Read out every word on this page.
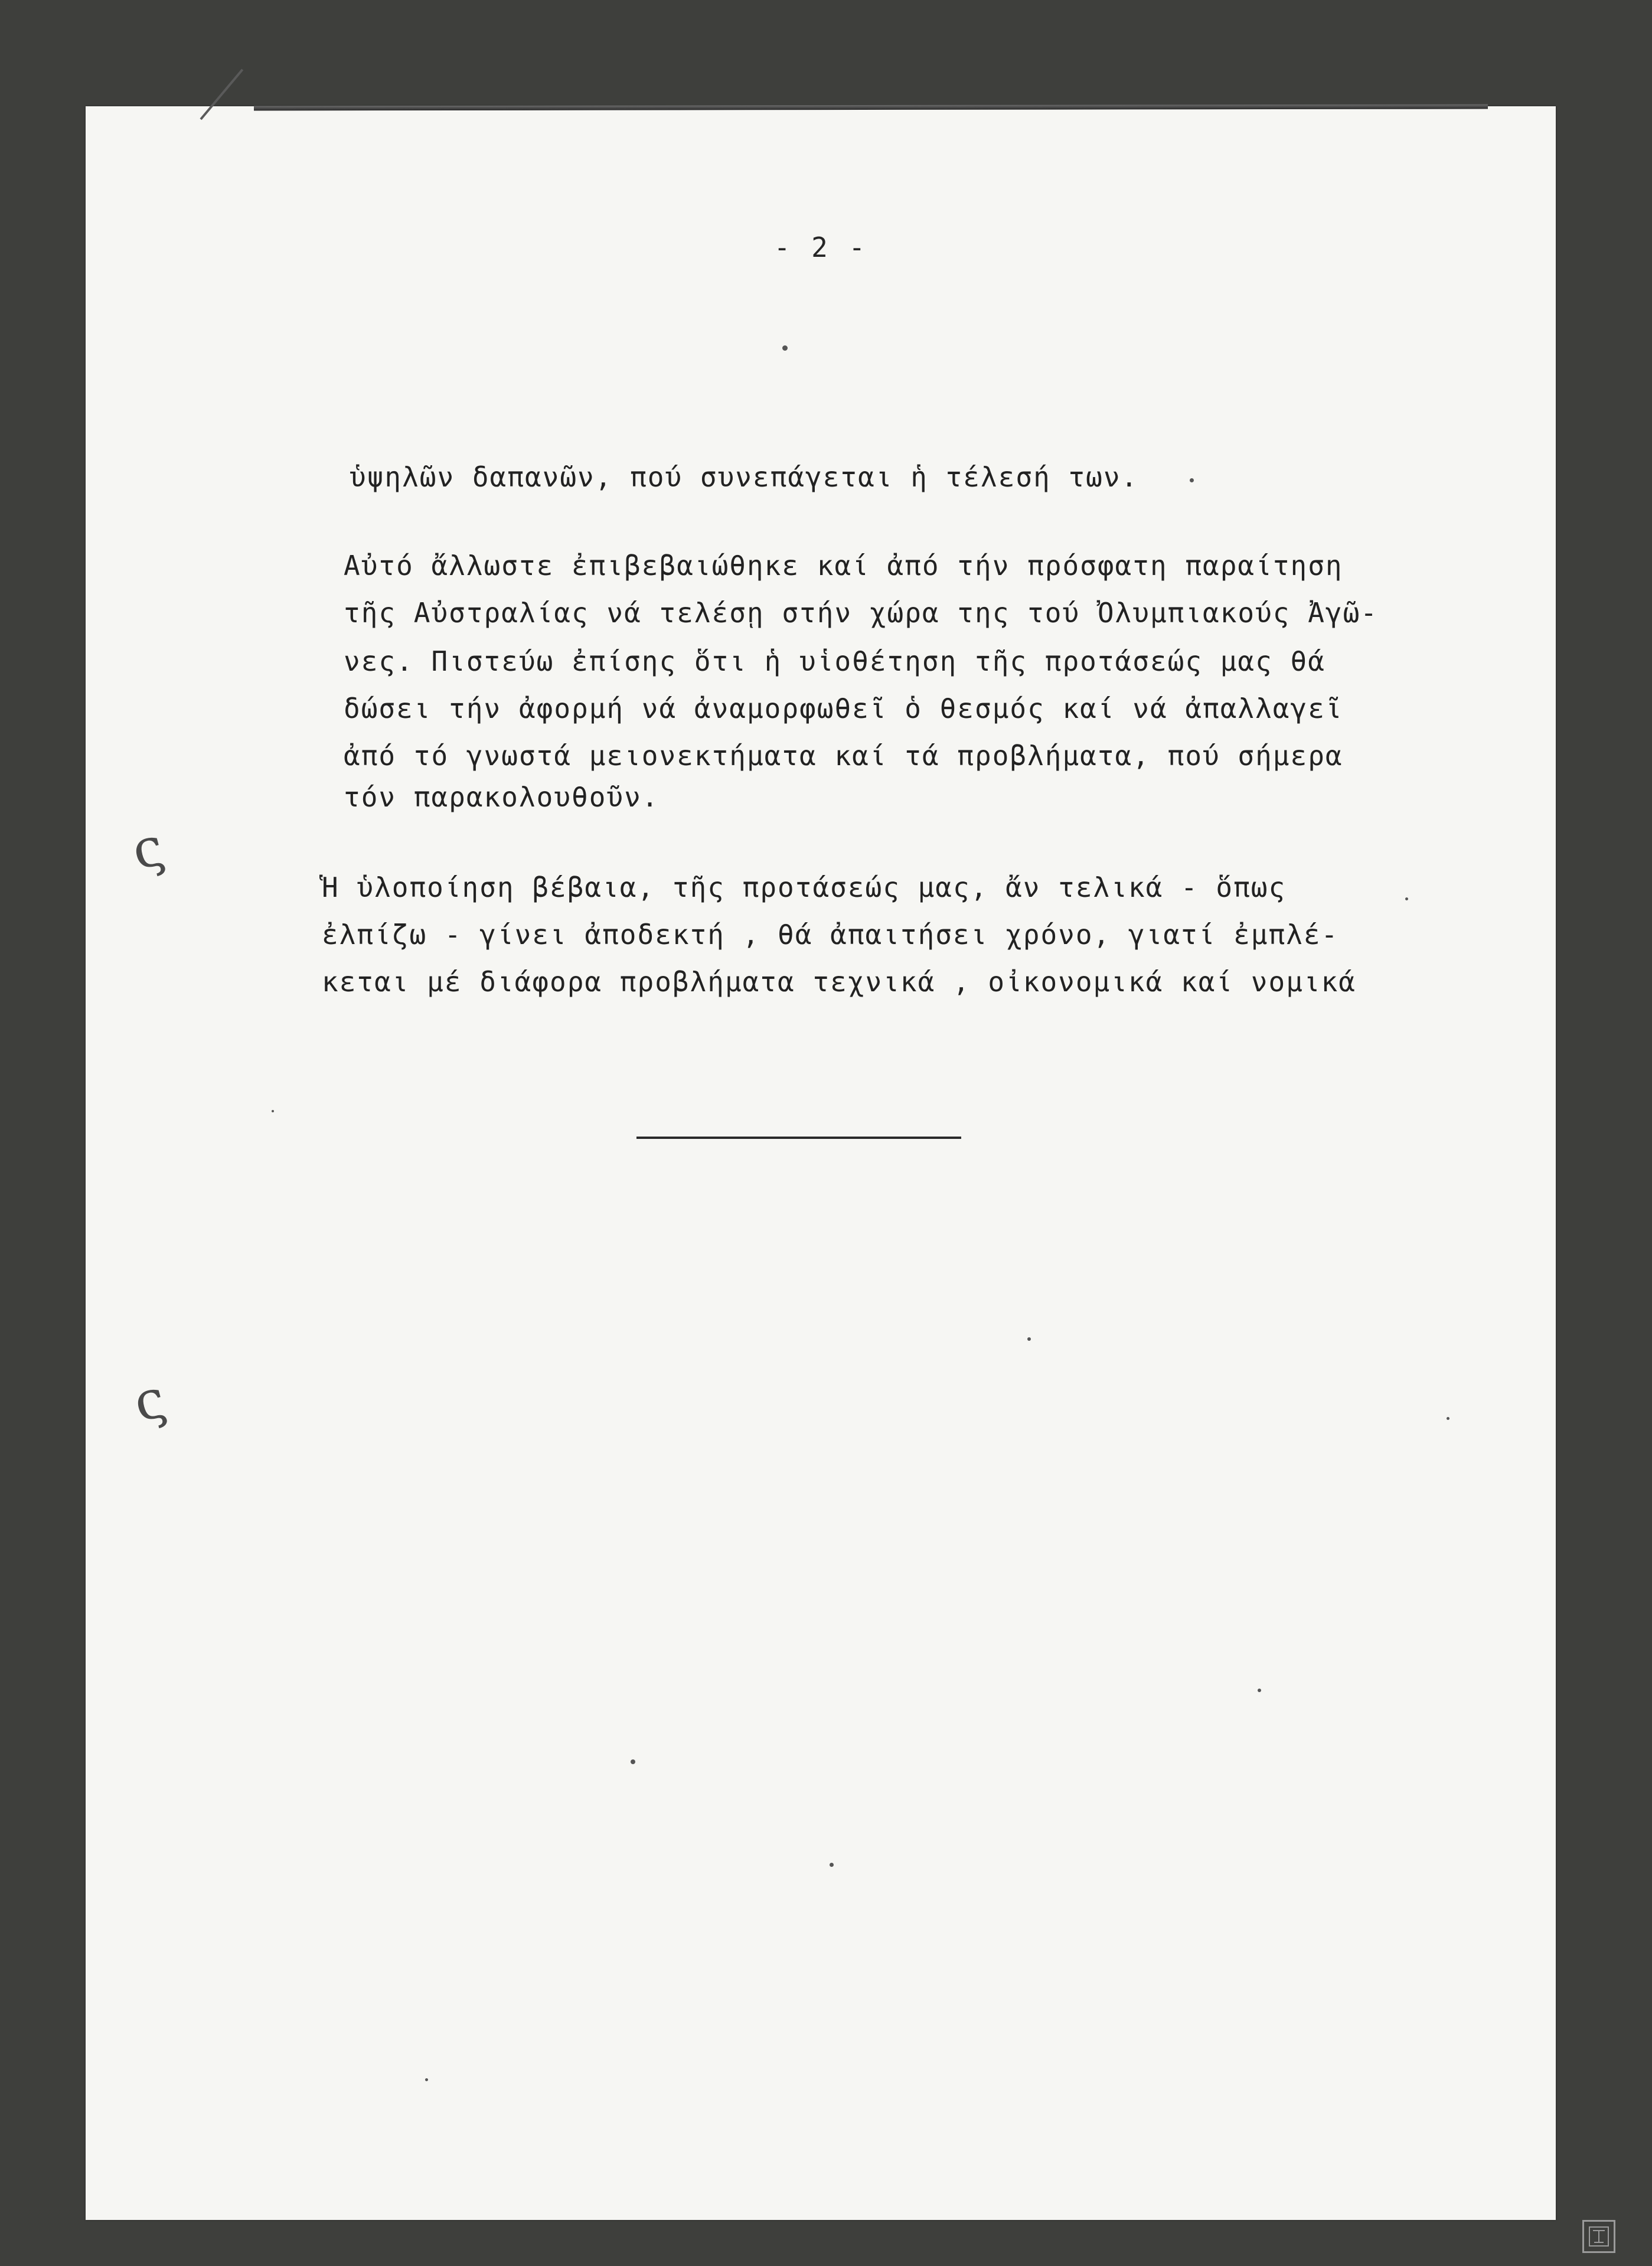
- 2 -
ὑψηλῶν δαπανῶν, πού συνεπάγεται ἡ τέλεσή των.
Αὐτό ἄλλωστε ἐπιβεβαιώθηκε καί ἀπό τήν πρόσφατη παραίτηση
τῆς Αὐστραλίας νά τελέσῃ στήν χώρα της τού Ὀλυμπιακούς Ἀγῶ-
νες. Πιστεύω ἐπίσης ὅτι ἡ υἱοθέτηση τῆς προτάσεώς μας θά
δώσει τήν ἀφορμή νά ἀναμορφωθεῖ ὁ θεσμός καί νά ἀπαλλαγεῖ
ἀπό τό γνωστά μειονεκτήματα καί τά προβλήματα, πού σήμερα
τόν παρακολουθοῦν.
Ἡ ὑλοποίηση βέβαια, τῆς προτάσεώς μας, ἄν τελικά - ὅπως
ἐλπίζω - γίνει ἀποδεκτή , θά ἀπαιτήσει χρόνο, γιατί ἐμπλέ-
κεται μέ διάφορα προβλήματα τεχνικά , οἰκονομικά καί νομικά
ς
ς
